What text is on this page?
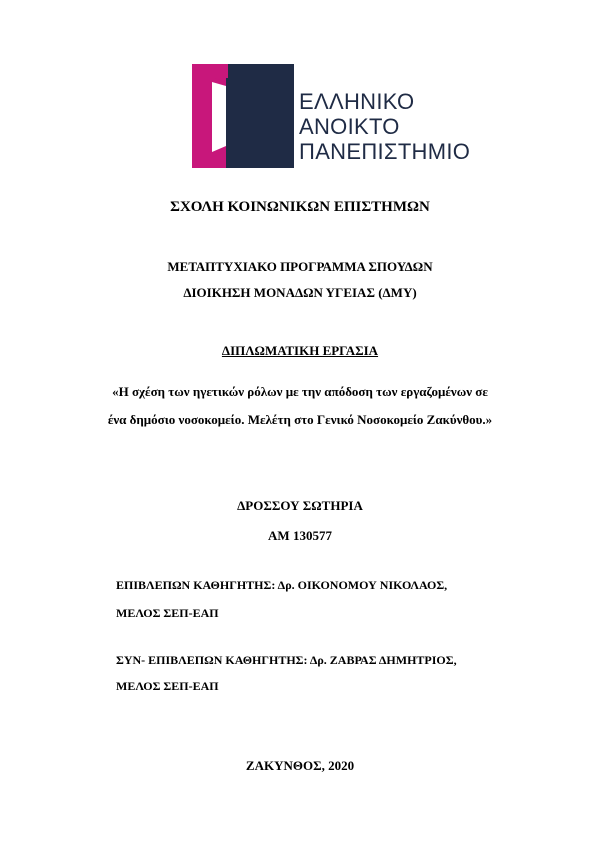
ΕΛΛΗΝΙΚΟ
ΑΝΟΙΚΤΟ
ΠΑΝΕΠΙΣΤΗΜΙΟ
ΣΧΟΛΗ ΚΟΙΝΩΝΙΚΩΝ ΕΠΙΣΤΗΜΩΝ
ΜΕΤΑΠΤΥΧΙΑΚΟ ΠΡΟΓΡΑΜΜΑ ΣΠΟΥΔΩΝ
ΔΙΟΙΚΗΣΗ ΜΟΝΑΔΩΝ ΥΓΕΙΑΣ (ΔΜΥ)
ΔΙΠΛΩΜΑΤΙΚΗ ΕΡΓΑΣΙΑ
«Η σχέση των ηγετικών ρόλων με την απόδοση των εργαζομένων σε
ένα δημόσιο νοσοκομείο. Μελέτη στο Γενικό Νοσοκομείο Ζακύνθου.»
ΔΡΟΣΣΟΥ ΣΩΤΗΡΙΑ
ΑΜ 130577
ΕΠΙΒΛΕΠΩΝ ΚΑΘΗΓΗΤΗΣ: Δρ. ΟΙΚΟΝΟΜΟΥ ΝΙΚΟΛΑΟΣ,
ΜΕΛΟΣ ΣΕΠ-ΕΑΠ
ΣΥΝ- ΕΠΙΒΛΕΠΩΝ ΚΑΘΗΓΗΤΗΣ: Δρ. ΖΑΒΡΑΣ ΔΗΜΗΤΡΙΟΣ,
ΜΕΛΟΣ ΣΕΠ-ΕΑΠ
ΖΑΚΥΝΘΟΣ, 2020
